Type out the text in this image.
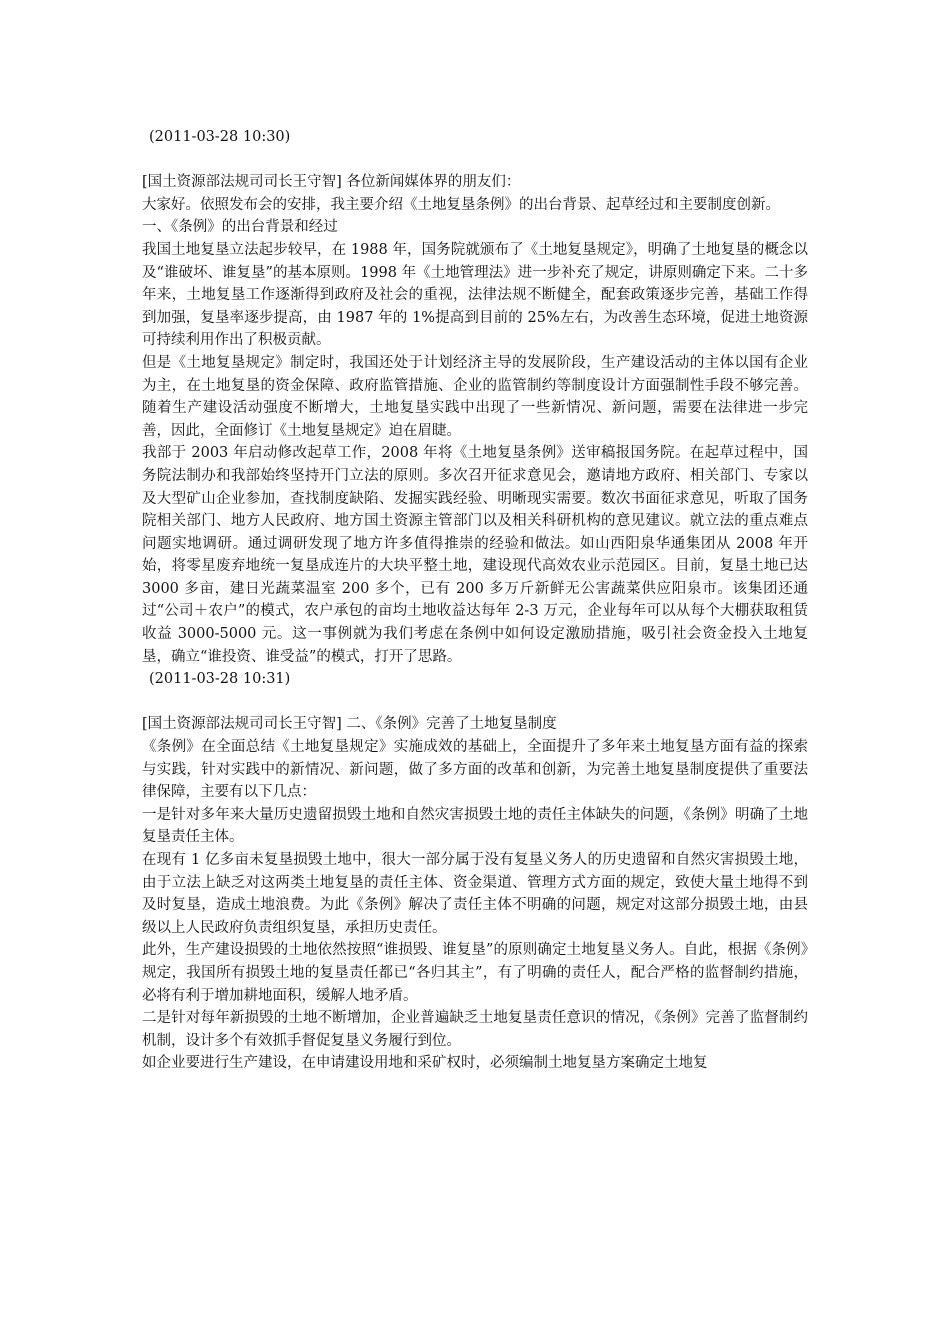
(2011-03-28 10:30)

[国土资源部法规司司长王守智] 各位新闻媒体界的朋友们：

大家好。依照发布会的安排，我主要介绍《土地复垦条例》的出台背景、起草经过和主要制度创新。

一、《条例》的出台背景和经过

我国土地复垦立法起步较早，在 1988 年，国务院就颁布了《土地复垦规定》，明确了土地复垦的概念以及“谁破坏、谁复垦”的基本原则。1998 年《土地管理法》进一步补充了规定，讲原则确定下来。二十多年来，土地复垦工作逐渐得到政府及社会的重视，法律法规不断健全，配套政策逐步完善，基础工作得到加强，复垦率逐步提高，由 1987 年的 1%提高到目前的 25%左右，为改善生态环境，促进土地资源可持续利用作出了积极贡献。

但是《土地复垦规定》制定时，我国还处于计划经济主导的发展阶段，生产建设活动的主体以国有企业为主，在土地复垦的资金保障、政府监管措施、企业的监管制约等制度设计方面强制性手段不够完善。随着生产建设活动强度不断增大，土地复垦实践中出现了一些新情况、新问题，需要在法律进一步完善，因此，全面修订《土地复垦规定》迫在眉睫。

我部于 2003 年启动修改起草工作，2008 年将《土地复垦条例》送审稿报国务院。在起草过程中，国务院法制办和我部始终坚持开门立法的原则。多次召开征求意见会，邀请地方政府、相关部门、专家以及大型矿山企业参加，查找制度缺陷、发掘实践经验、明晰现实需要。数次书面征求意见，听取了国务院相关部门、地方人民政府、地方国土资源主管部门以及相关科研机构的意见建议。就立法的重点难点问题实地调研。通过调研发现了地方许多值得推崇的经验和做法。如山西阳泉华通集团从 2008 年开始，将零星废弃地统一复垦成连片的大块平整土地，建设现代高效农业示范园区。目前，复垦土地已达 3000 多亩，建日光蔬菜温室 200 多个，已有 200 多万斤新鲜无公害蔬菜供应阳泉市。该集团还通过“公司＋农户”的模式，农户承包的亩均土地收益达每年 2-3 万元，企业每年可以从每个大棚获取租赁收益 3000-5000 元。这一事例就为我们考虑在条例中如何设定激励措施，吸引社会资金投入土地复垦，确立“谁投资、谁受益”的模式，打开了思路。

(2011-03-28 10:31)

[国土资源部法规司司长王守智] 二、《条例》完善了土地复垦制度

《条例》在全面总结《土地复垦规定》实施成效的基础上，全面提升了多年来土地复垦方面有益的探索与实践，针对实践中的新情况、新问题，做了多方面的改革和创新，为完善土地复垦制度提供了重要法律保障，主要有以下几点：

一是针对多年来大量历史遗留损毁土地和自然灾害损毁土地的责任主体缺失的问题，《条例》明确了土地复垦责任主体。

在现有 1 亿多亩未复垦损毁土地中，很大一部分属于没有复垦义务人的历史遗留和自然灾害损毁土地，由于立法上缺乏对这两类土地复垦的责任主体、资金渠道、管理方式方面的规定，致使大量土地得不到及时复垦，造成土地浪费。为此《条例》解决了责任主体不明确的问题，规定对这部分损毁土地，由县级以上人民政府负责组织复垦，承担历史责任。

此外，生产建设损毁的土地依然按照“谁损毁、谁复垦”的原则确定土地复垦义务人。自此，根据《条例》规定，我国所有损毁土地的复垦责任都已“各归其主”，有了明确的责任人，配合严格的监督制约措施，必将有利于增加耕地面积，缓解人地矛盾。

二是针对每年新损毁的土地不断增加，企业普遍缺乏土地复垦责任意识的情况，《条例》完善了监督制约机制，设计多个有效抓手督促复垦义务履行到位。

如企业要进行生产建设，在申请建设用地和采矿权时，必须编制土地复垦方案确定土地复
